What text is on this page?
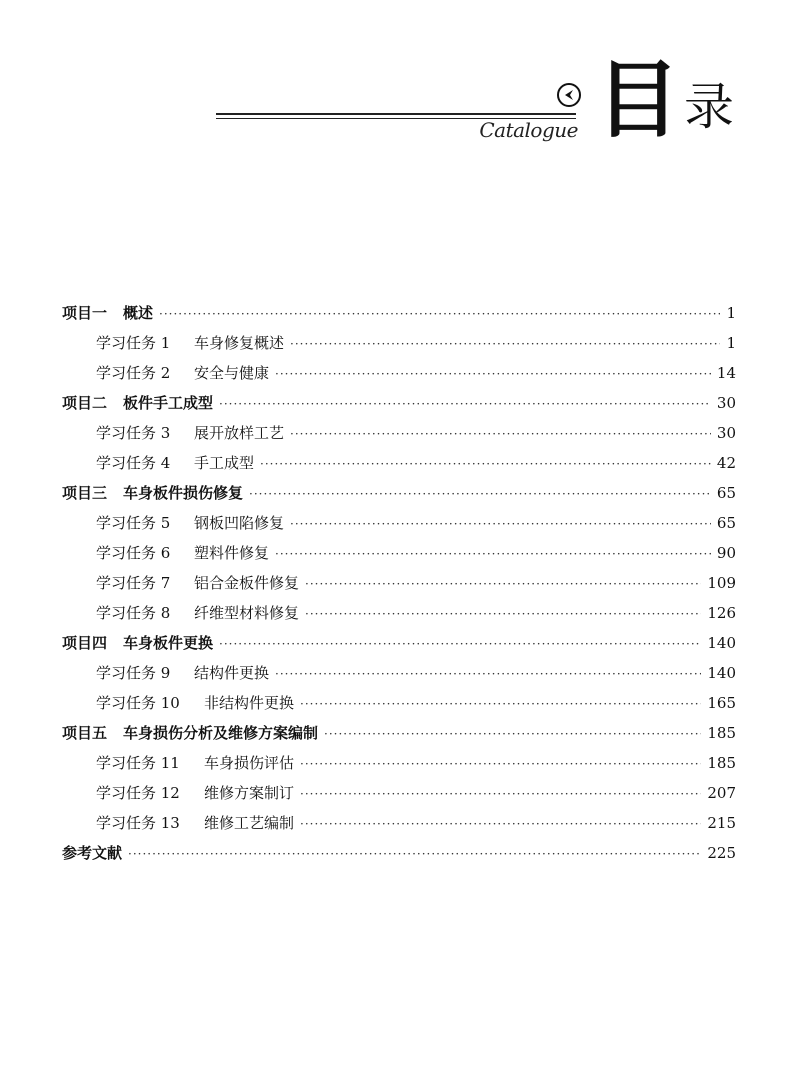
Catalogue 目 录
项目一 概述 ·····	1
学习任务 1 车身修复概述 ·····	1
学习任务 2 安全与健康 ·····	14
项目二 板件手工成型 ·····	30
学习任务 3 展开放样工艺 ·····	30
学习任务 4 手工成型 ·····	42
项目三 车身板件损伤修复 ·····	65
学习任务 5 钢板凹陷修复 ·····	65
学习任务 6 塑料件修复 ·····	90
学习任务 7 铝合金板件修复 ·····	109
学习任务 8 纤维型材料修复 ·····	126
项目四 车身板件更换 ·····	140
学习任务 9 结构件更换 ·····	140
学习任务 10 非结构件更换 ·····	165
项目五 车身损伤分析及维修方案编制 ·····	185
学习任务 11 车身损伤评估 ·····	185
学习任务 12 维修方案制订 ·····	207
学习任务 13 维修工艺编制 ·····	215
参考文献 ·····	225
